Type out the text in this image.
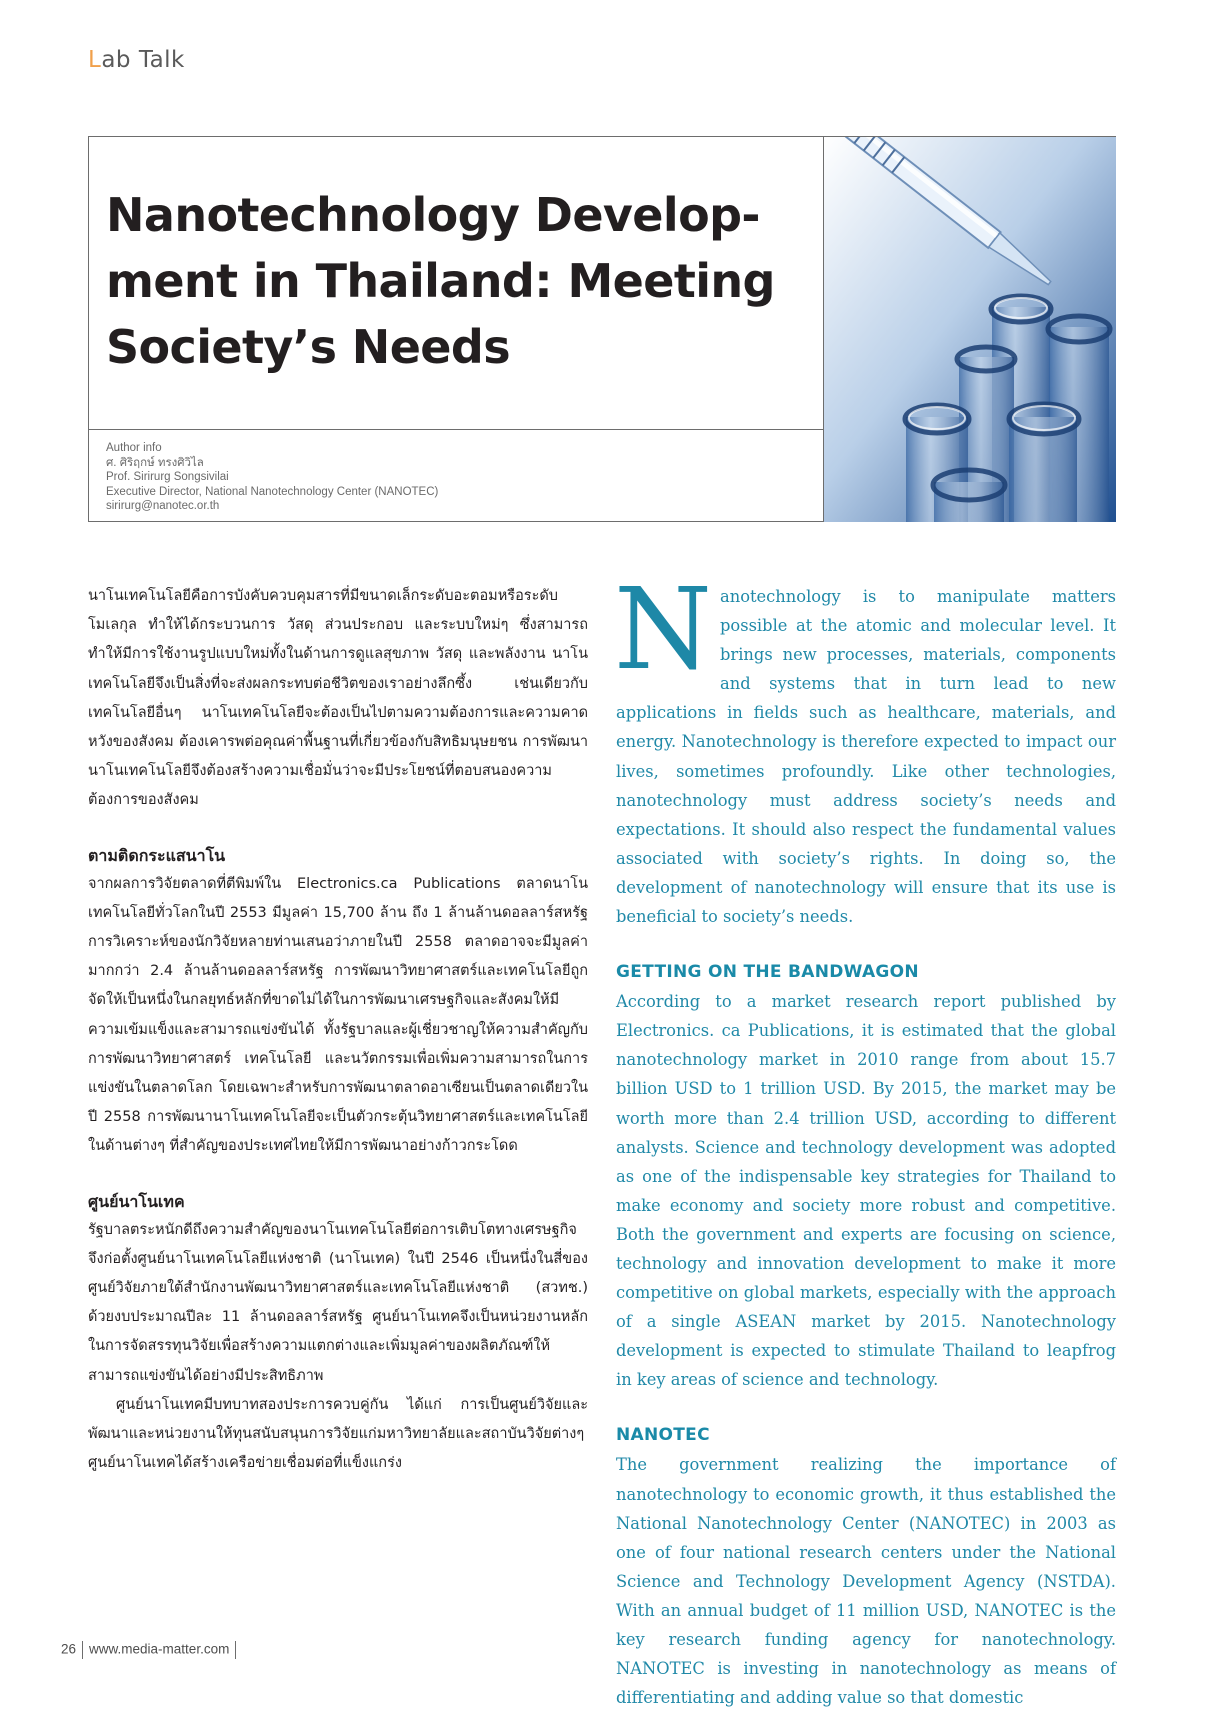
Lab Talk
Nanotechnology Develop-ment in Thailand: Meeting Society’s Needs
Author info
ศ. ศิริฤกษ์ ทรงศิวิไล
Prof. Sirirurg Songsivilai
Executive Director, National Nanotechnology Center (NANOTEC)
sirirurg@nanotec.or.th

นาโนเทคโนโลยีคือการบังคับควบคุมสารที่มีขนาดเล็กระดับอะตอมหรือระดับโมเลกุล ทำให้ได้กระบวนการ วัสดุ ส่วนประกอบ และระบบใหม่ๆ ซึ่งสามารถทำให้มีการใช้งานรูปแบบใหม่ทั้งในด้านการดูแลสุขภาพ วัสดุ และพลังงาน นาโนเทคโนโลยีจึงเป็นสิ่งที่จะส่งผลกระทบต่อชีวิตของเราอย่างลึกซึ้ง เช่นเดียวกับเทคโนโลยีอื่นๆ นาโนเทคโนโลยีจะต้องเป็นไปตามความต้องการและความคาดหวังของสังคม ต้องเคารพต่อคุณค่าพื้นฐานที่เกี่ยวข้องกับสิทธิมนุษยชน การพัฒนานาโนเทคโนโลยีจึงต้องสร้างความเชื่อมั่นว่าจะมีประโยชน์ที่ตอบสนองความต้องการของสังคม

ตามติดกระแสนาโน

จากผลการวิจัยตลาดที่ตีพิมพ์ใน Electronics.ca Publications ตลาดนาโนเทคโนโลยีทั่วโลกในปี 2553 มีมูลค่า 15,700 ล้าน ถึง 1 ล้านล้านดอลลาร์สหรัฐ การวิเคราะห์ของนักวิจัยหลายท่านเสนอว่าภายในปี 2558 ตลาดอาจจะมีมูลค่ามากกว่า 2.4 ล้านล้านดอลลาร์สหรัฐ การพัฒนาวิทยาศาสตร์และเทคโนโลยีถูกจัดให้เป็นหนึ่งในกลยุทธ์หลักที่ขาดไม่ได้ในการพัฒนาเศรษฐกิจและสังคมให้มีความเข้มแข็งและสามารถแข่งขันได้ ทั้งรัฐบาลและผู้เชี่ยวชาญให้ความสำคัญกับการพัฒนาวิทยาศาสตร์ เทคโนโลยี และนวัตกรรมเพื่อเพิ่มความสามารถในการแข่งขันในตลาดโลก โดยเฉพาะสำหรับการพัฒนาตลาดอาเซียนเป็นตลาดเดียวในปี 2558 การพัฒนานาโนเทคโนโลยีจะเป็นตัวกระตุ้นวิทยาศาสตร์และเทคโนโลยีในด้านต่างๆ ที่สำคัญของประเทศไทยให้มีการพัฒนาอย่างก้าวกระโดด

ศูนย์นาโนเทค

รัฐบาลตระหนักดีถึงความสำคัญของนาโนเทคโนโลยีต่อการเติบโตทางเศรษฐกิจจึงก่อตั้งศูนย์นาโนเทคโนโลยีแห่งชาติ (นาโนเทค) ในปี 2546 เป็นหนึ่งในสี่ของศูนย์วิจัยภายใต้สำนักงานพัฒนาวิทยาศาสตร์และเทคโนโลยีแห่งชาติ (สวทช.) ด้วยงบประมาณปีละ 11 ล้านดอลลาร์สหรัฐ ศูนย์นาโนเทคจึงเป็นหน่วยงานหลักในการจัดสรรทุนวิจัยเพื่อสร้างความแตกต่างและเพิ่มมูลค่าของผลิตภัณฑ์ให้สามารถแข่งขันได้อย่างมีประสิทธิภาพ

ศูนย์นาโนเทคมีบทบาทสองประการควบคู่กัน ได้แก่ การเป็นศูนย์วิจัยและพัฒนาและหน่วยงานให้ทุนสนับสนุนการวิจัยแก่มหาวิทยาลัยและสถาบันวิจัยต่างๆ ศูนย์นาโนเทคได้สร้างเครือข่ายเชื่อมต่อที่แข็งแกร่ง

Nanotechnology is to manipulate matters possible at the atomic and molecular level. It brings new processes, materials, components and systems that in turn lead to new applications in fields such as healthcare, materials, and energy. Nanotechnology is therefore expected to impact our lives, sometimes profoundly. Like other technologies, nanotechnology must address society’s needs and expectations. It should also respect the fundamental values associated with society’s rights. In doing so, the development of nanotechnology will ensure that its use is beneficial to society’s needs.

GETTING ON THE BANDWAGON

According to a market research report published by Electronics. ca Publications, it is estimated that the global nanotechnology market in 2010 range from about 15.7 billion USD to 1 trillion USD. By 2015, the market may be worth more than 2.4 trillion USD, according to different analysts. Science and technology development was adopted as one of the indispensable key strategies for Thailand to make economy and society more robust and competitive. Both the government and experts are focusing on science, technology and innovation development to make it more competitive on global markets, especially with the approach of a single ASEAN market by 2015. Nanotechnology development is expected to stimulate Thailand to leapfrog in key areas of science and technology.

NANOTEC

The government realizing the importance of nanotechnology to economic growth, it thus established the National Nanotechnology Center (NANOTEC) in 2003 as one of four national research centers under the National Science and Technology Development Agency (NSTDA). With an annual budget of 11 million USD, NANOTEC is the key research funding agency for nanotechnology. NANOTEC is investing in nanotechnology as means of differentiating and adding value so that domestic

26 www.media-matter.com
